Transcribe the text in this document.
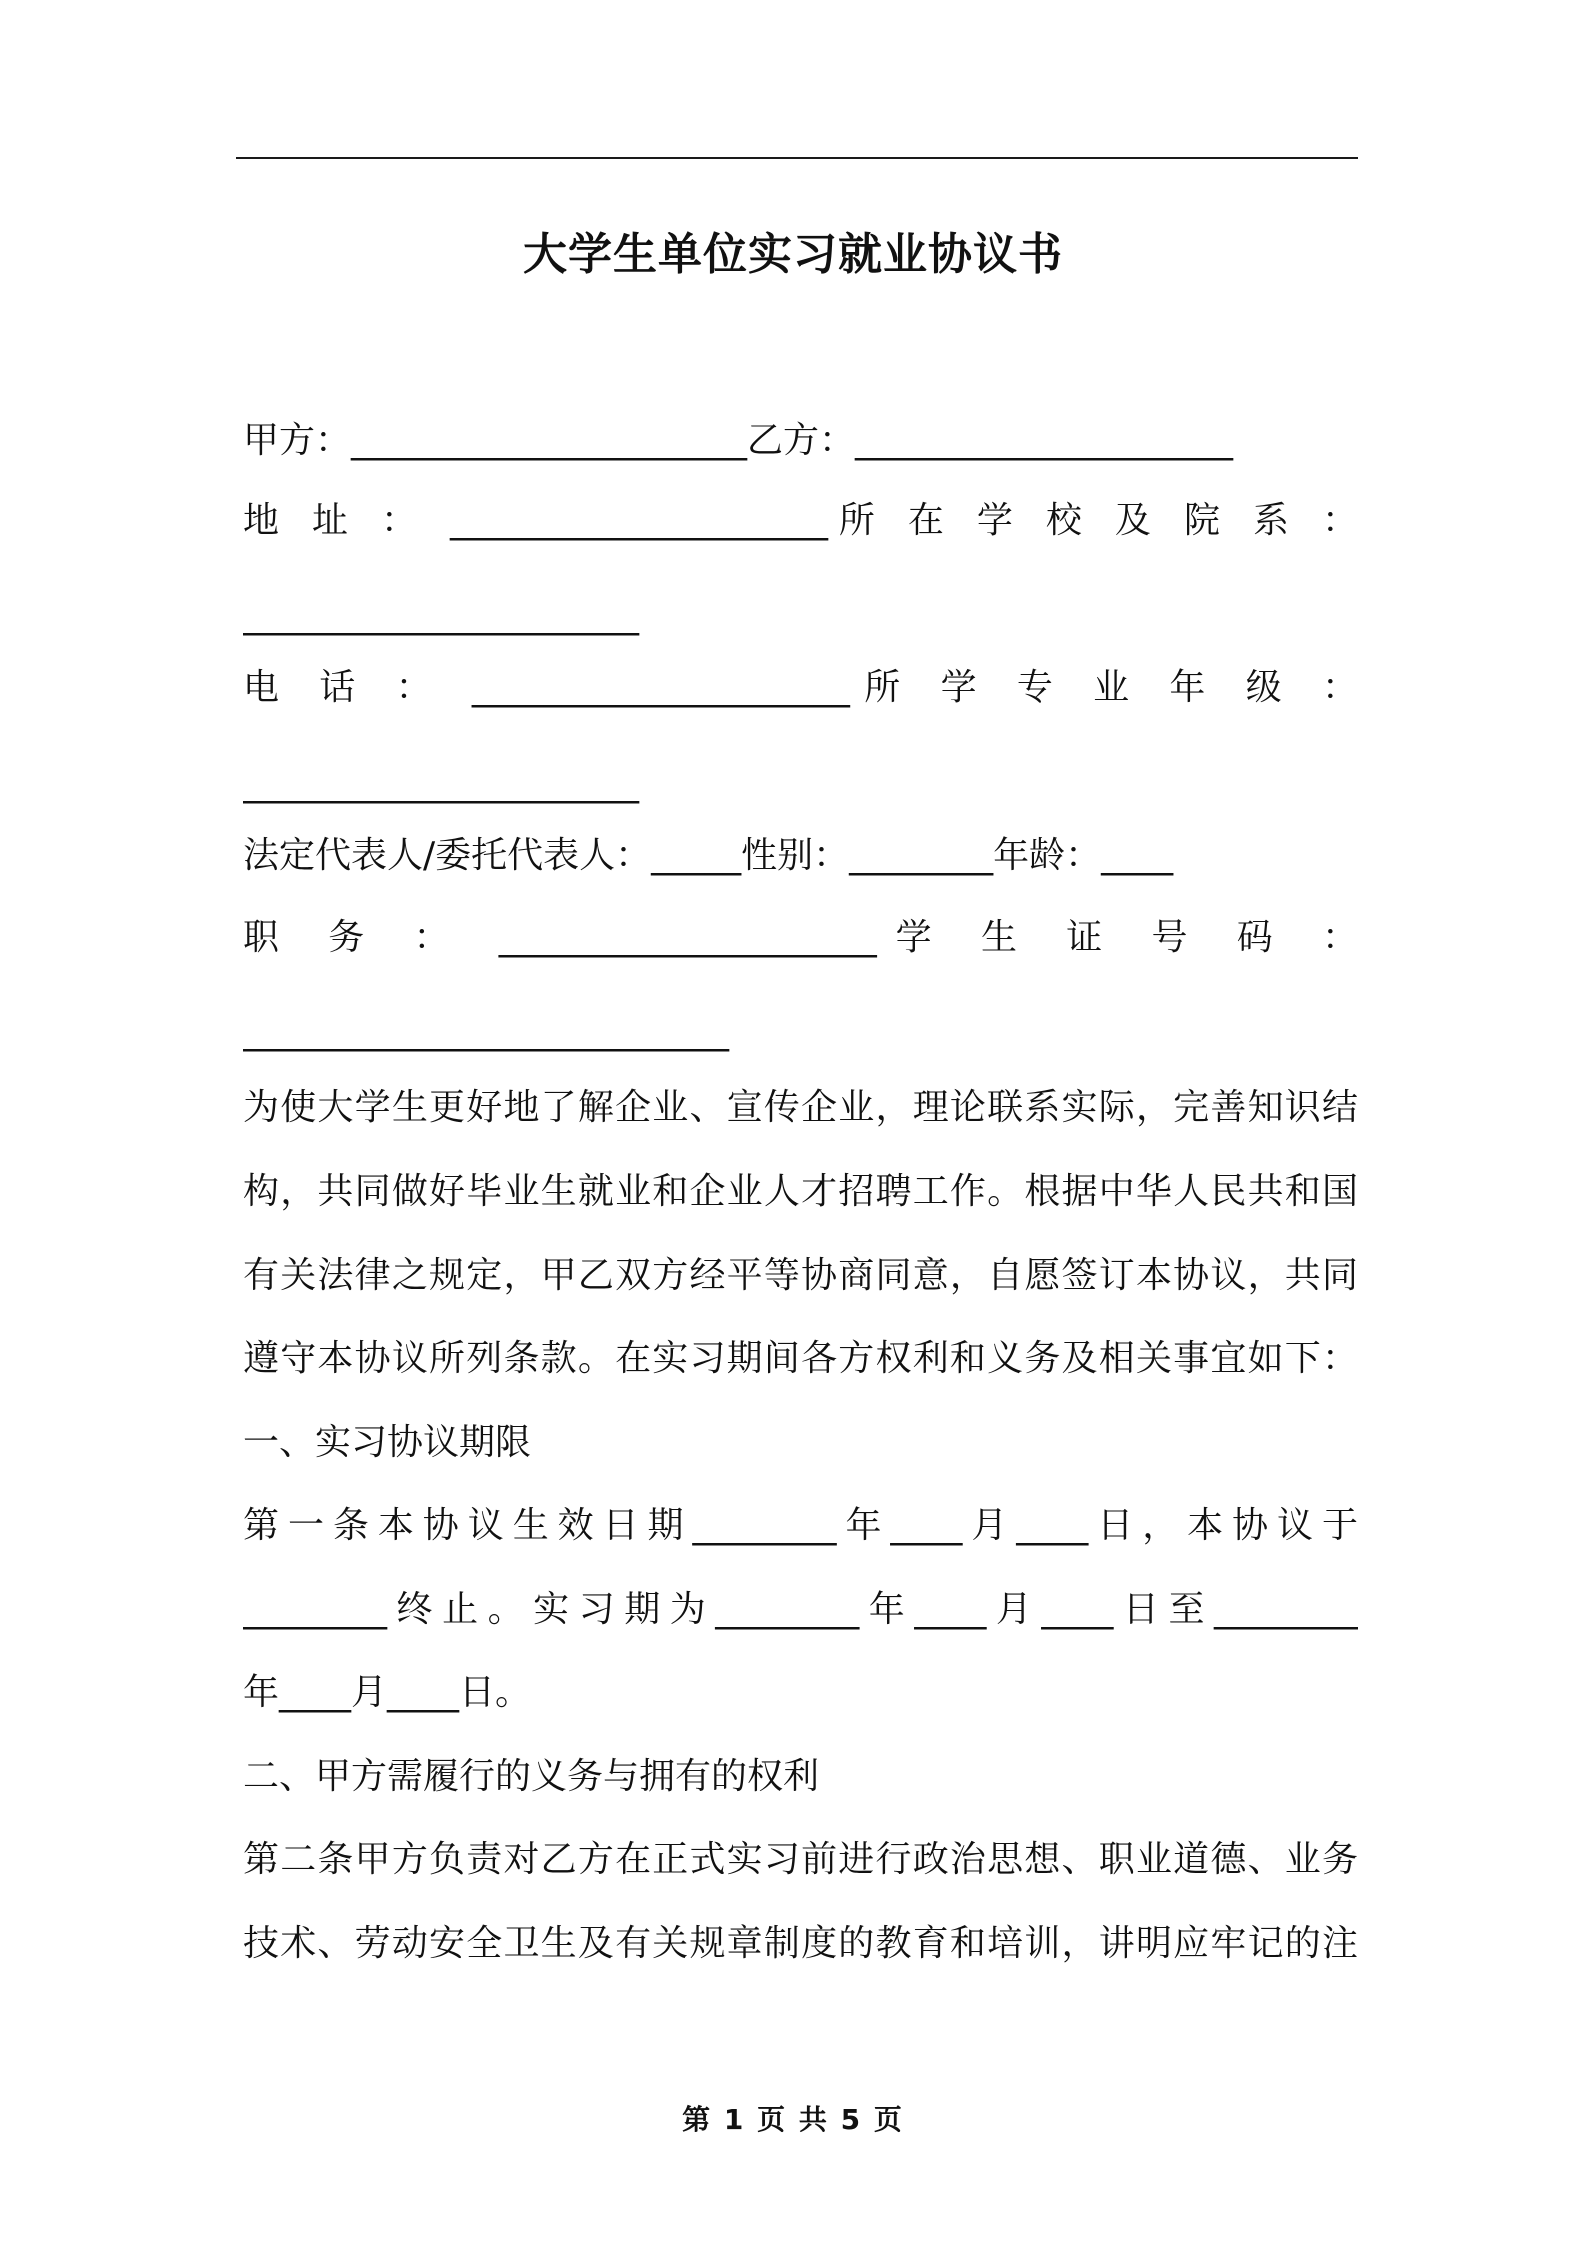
大学生单位实习就业协议书
甲方：______________________乙方：_____________________
地 址 ： _____________________所 在 学 校 及 院 系 ：
______________________
电 话 ： _____________________所 学 专 业 年 级 ：
______________________
法定代表人/委托代表人：_____性别：________年龄：____
职 务 ： _____________________学 生 证 号 码 ：
___________________________
为使大学生更好地了解企业、宣传企业，理论联系实际，完善知识结
构，共同做好毕业生就业和企业人才招聘工作。根据中华人民共和国
有关法律之规定，甲乙双方经平等协商同意，自愿签订本协议，共同
遵守本协议所列条款。在实习期间各方权利和义务及相关事宜如下：
一、实习协议期限
第一条本协议生效日期________年____月____日，本协议于
________终止。实习期为________年____月____日至________
年____月____日。
二、甲方需履行的义务与拥有的权利
第二条甲方负责对乙方在正式实习前进行政治思想、职业道德、业务
技术、劳动安全卫生及有关规章制度的教育和培训，讲明应牢记的注
第 1 页 共 5 页
